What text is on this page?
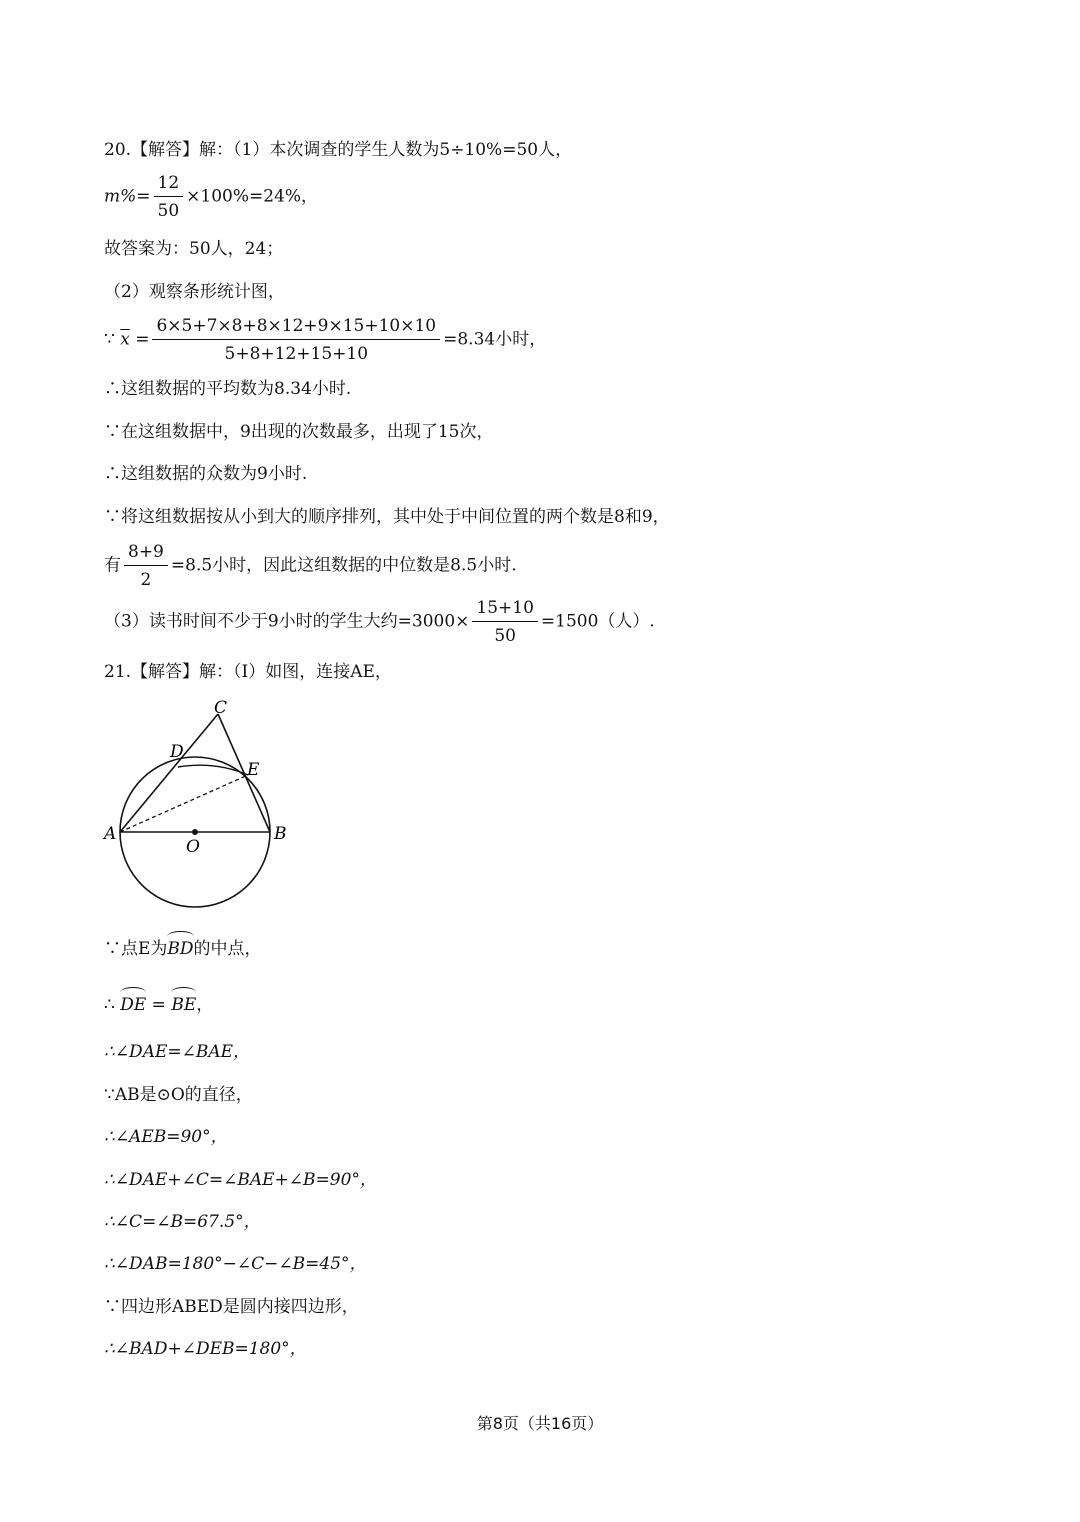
20.【解答】解：（1）本次调查的学生人数为5÷10%=50人，
$m\%= \frac{12}{50} \times 100\%=24\%$，
故答案为：50人，24；
（2）观察条形统计图，
∵ $\overline{x} = \frac{6\times 5+7\times 8+8\times 12+9\times 15+10\times 10}{5+8+12+15+10} =8.34$小时，
∴这组数据的平均数为8.34小时.
∵在这组数据中，9出现的次数最多，出现了15次，
∴这组数据的众数为9小时.
∵将这组数据按从小到大的顺序排列，其中处于中间位置的两个数是8和9，
有 $\frac{8+9}{2} =8.5$小时，因此这组数据的中位数是8.5小时.
（3）读书时间不少于9小时的学生大约$=3000\times \frac{15+10}{50} =1500$（人）.
21.【解答】解：（Ⅰ）如图，连接AE，
C
D
E
A	B
O
∵点E为BD的中点，
∴ DE = BE，
∴∠DAE=∠BAE，
∵AB是⊙O的直径，
∴∠AEB=90°，
∴∠DAE+∠C=∠BAE+∠B=90°，
∴∠C=∠B=67.5°，
∴∠DAB=180°−∠C−∠B=45°，
∵四边形ABED是圆内接四边形，
∴∠BAD+∠DEB=180°，
第8页（共16页）
